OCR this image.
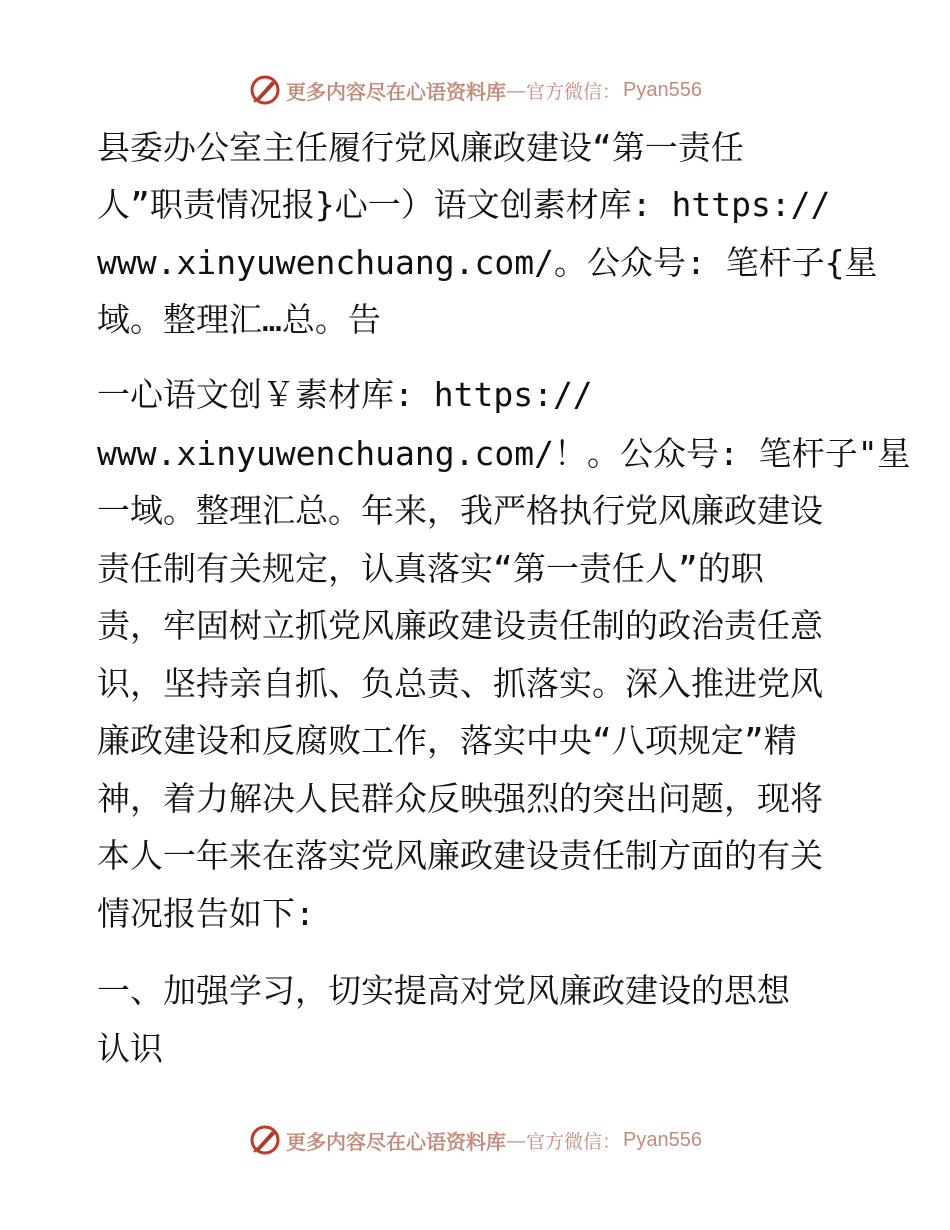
更多内容尽在心语资料库 — 官方微信： Pyan556
县委办公室主任履行党风廉政建设“第一责任
人”职责情况报}心一）语文创素材库: https://
www.xinyuwenchuang.com/。公众号: 笔杆子{星
域。整理汇…总。告
一心语文创￥素材库: https://
www.xinyuwenchuang.com/！。公众号: 笔杆子"星
一域。整理汇总。年来，我严格执行党风廉政建设
责任制有关规定，认真落实“第一责任人”的职
责，牢固树立抓党风廉政建设责任制的政治责任意
识，坚持亲自抓、负总责、抓落实。深入推进党风
廉政建设和反腐败工作，落实中央“八项规定”精
神，着力解决人民群众反映强烈的突出问题，现将
本人一年来在落实党风廉政建设责任制方面的有关
情况报告如下:
一、加强学习，切实提高对党风廉政建设的思想
认识
更多内容尽在心语资料库 — 官方微信： Pyan556
